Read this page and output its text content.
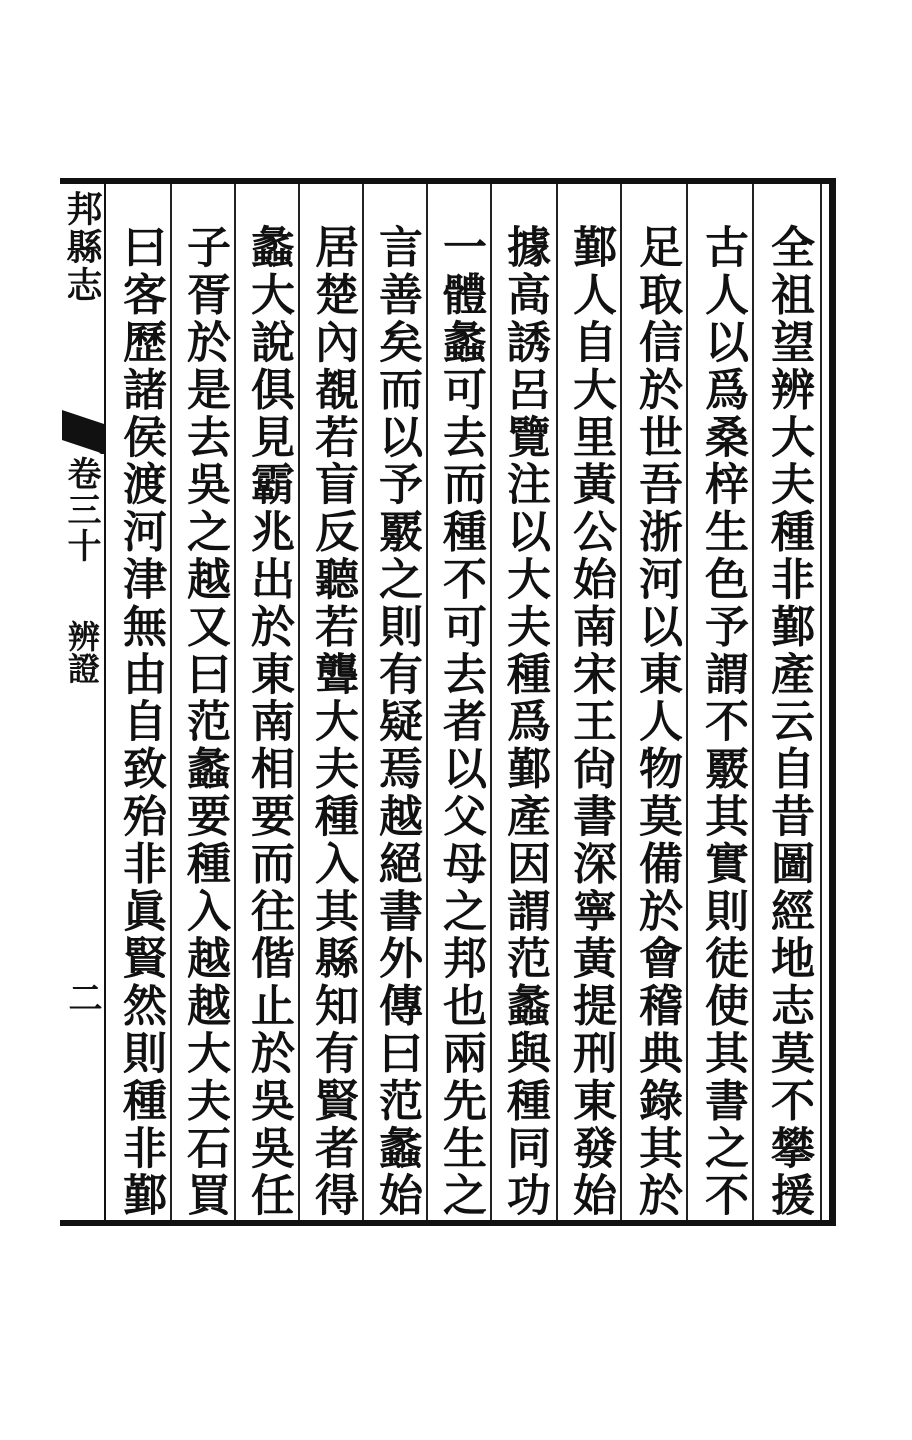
邦縣志
卷三十
辨證
二	全祖望辨大夫種非鄞產云自昔圖經地志莫不攀援
古人以爲桑梓生色予謂不覈其實則徒使其書之不
足取信於世吾浙河以東人物莫備於會稽典錄其於
鄞人自大里黃公始南宋王尙書深寧黃提刑東發始
據高誘呂覽注以大夫種爲鄞產因謂范蠡與種同功
一體蠡可去而種不可去者以父母之邦也兩先生之
言善矣而以予覈之則有疑焉越絕書外傳曰范蠡始
居楚內覩若盲反聽若聾大夫種入其縣知有賢者得
蠡大說俱見霸兆出於東南相要而往偕止於吳吳任
子胥於是去吳之越又曰范蠡要種入越越大夫石買
曰客歷諸侯渡河津無由自致殆非眞賢然則種非鄞
